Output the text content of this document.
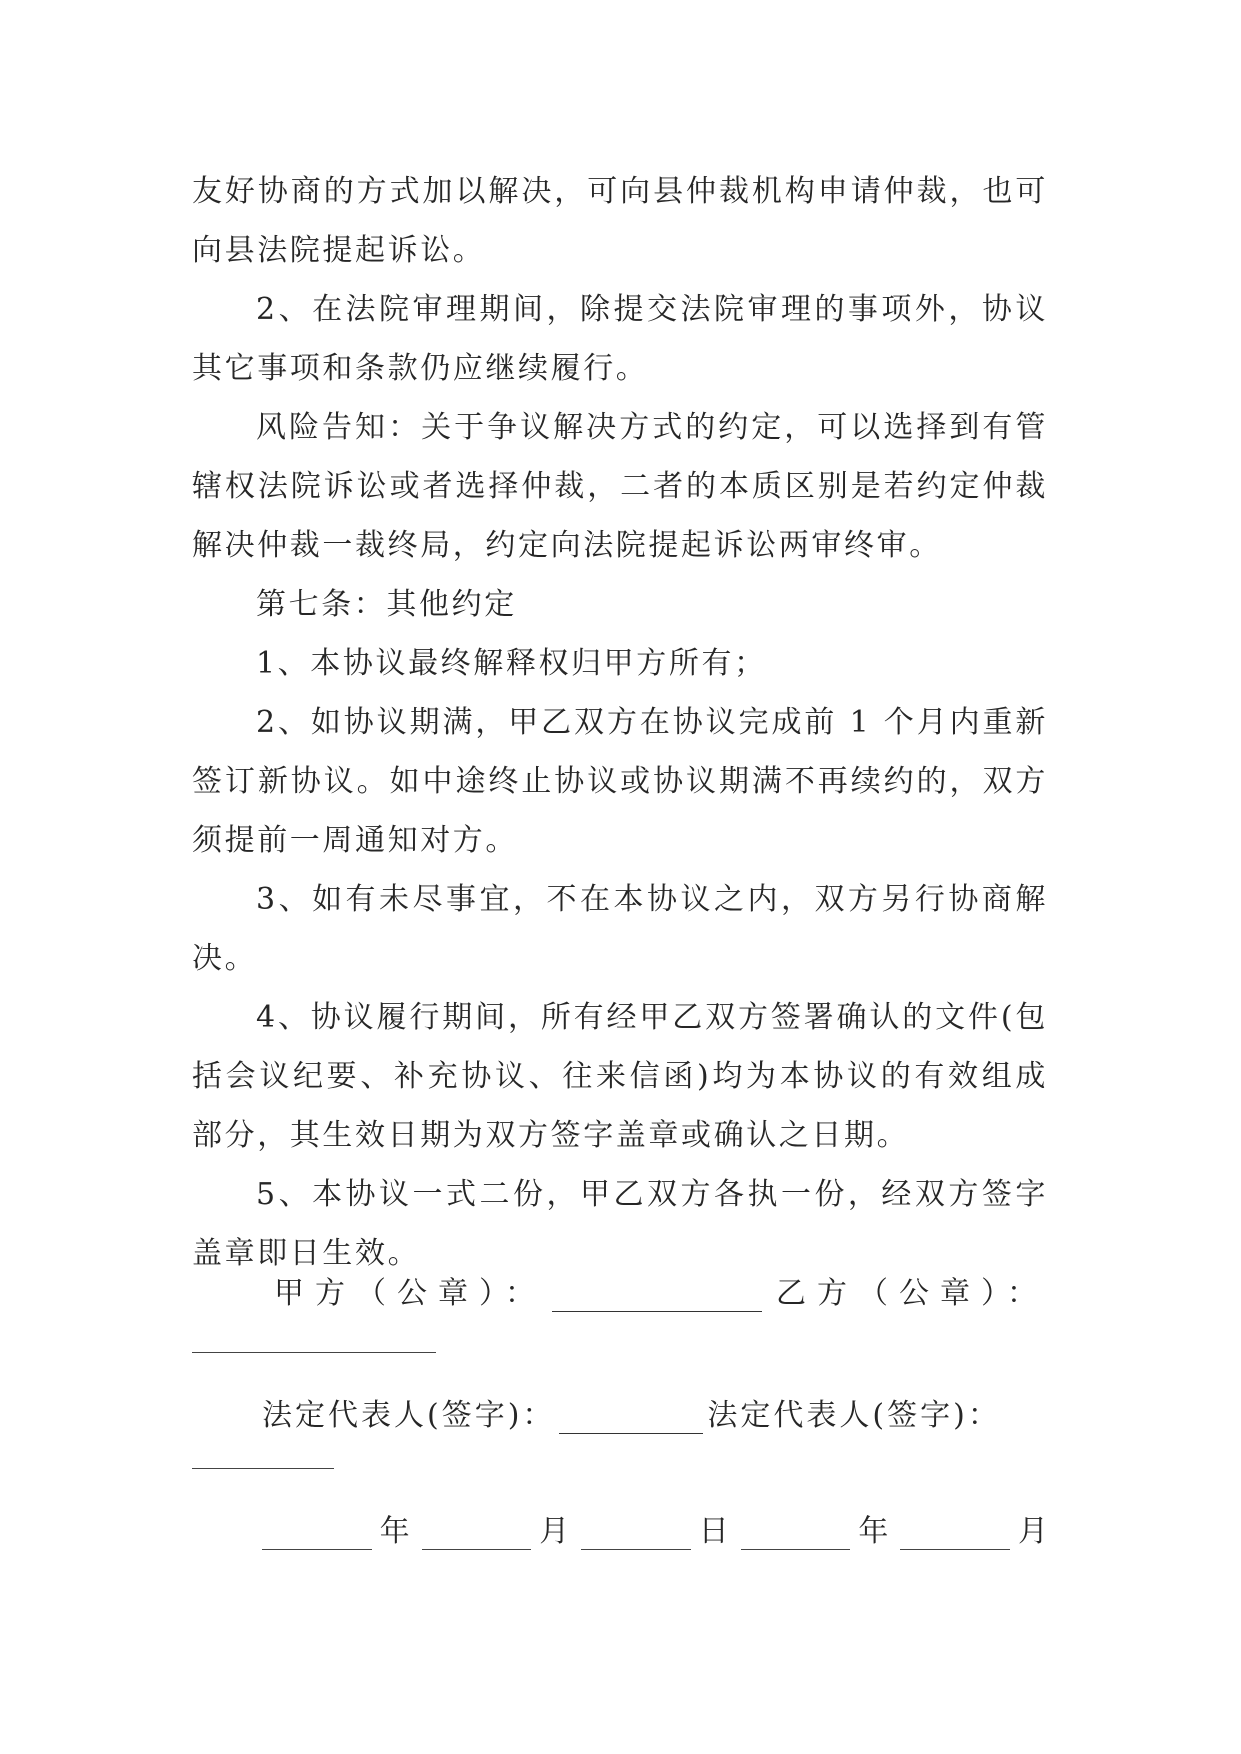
友好协商的方式加以解决，可向县仲裁机构申请仲裁，也可向县法院提起诉讼。

2、在法院审理期间，除提交法院审理的事项外，协议其它事项和条款仍应继续履行。

风险告知：关于争议解决方式的约定，可以选择到有管辖权法院诉讼或者选择仲裁，二者的本质区别是若约定仲裁解决仲裁一裁终局，约定向法院提起诉讼两审终审。

第七条：其他约定

1、本协议最终解释权归甲方所有；

2、如协议期满，甲乙双方在协议完成前 1 个月内重新签订新协议。如中途终止协议或协议期满不再续约的，双方须提前一周通知对方。

3、如有未尽事宜，不在本协议之内，双方另行协商解决。

4、协议履行期间，所有经甲乙双方签署确认的文件(包括会议纪要、补充协议、往来信函)均为本协议的有效组成部分，其生效日期为双方签字盖章或确认之日期。

5、本协议一式二份，甲乙双方各执一份，经双方签字盖章即日生效。

甲方（公章）：	乙方（公章）：
法定代表人(签字)：	法定代表人(签字)：
年	月	日	年	月
